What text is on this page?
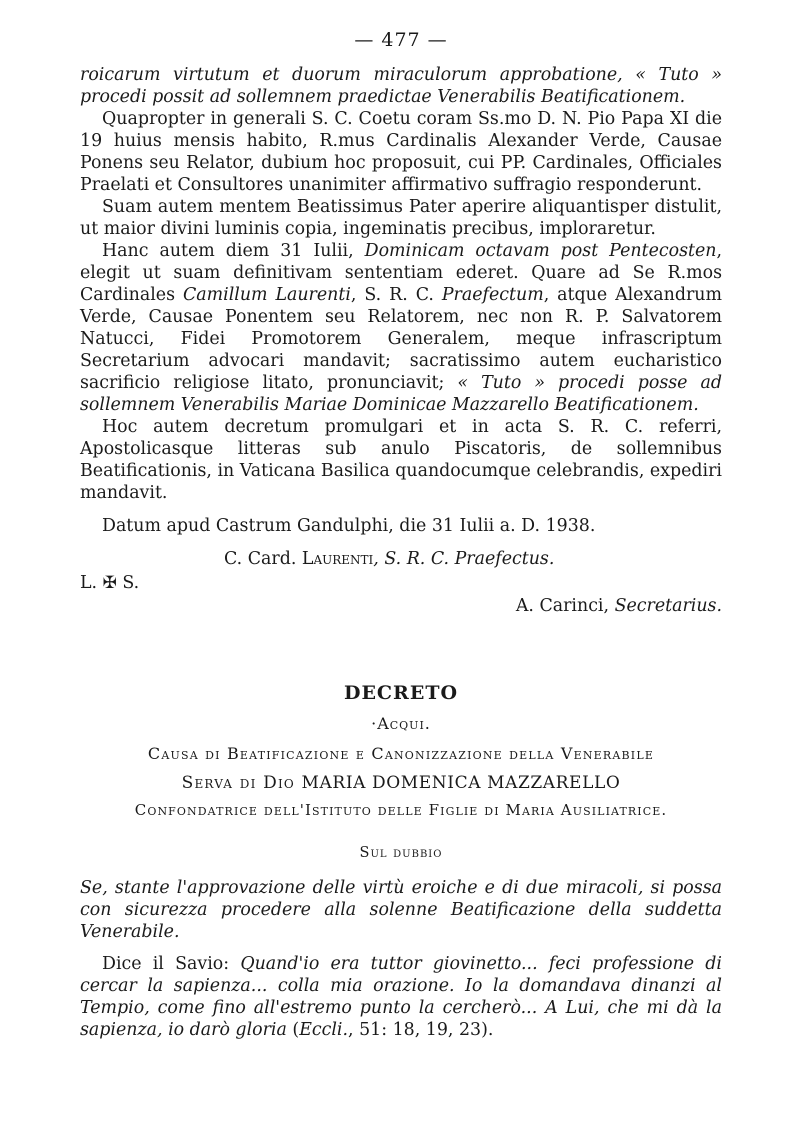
— 477 —

roicarum virtutum et duorum miraculorum approbatione, « Tuto » procedi possit ad sollemnem praedictae Venerabilis Beatificationem.

Quapropter in generali S. C. Coetu coram Ss.mo D. N. Pio Papa XI die 19 huius mensis habito, R.mus Cardinalis Alexander Verde, Causae Ponens seu Relator, dubium hoc proposuit, cui PP. Cardinales, Officiales Praelati et Consultores unanimiter affirmativo suffragio responderunt.

Suam autem mentem Beatissimus Pater aperire aliquantisper distulit, ut maior divini luminis copia, ingeminatis precibus, imploraretur.

Hanc autem diem 31 Iulii, Dominicam octavam post Pentecosten, elegit ut suam definitivam sententiam ederet. Quare ad Se R.mos Cardinales Camillum Laurenti, S. R. C. Praefectum, atque Alexandrum Verde, Causae Ponentem seu Relatorem, nec non R. P. Salvatorem Natucci, Fidei Promotorem Generalem, meque infrascriptum Secretarium advocari mandavit; sacratissimo autem eucharistico sacrificio religiose litato, pronunciavit; « Tuto » procedi posse ad sollemnem Venerabilis Mariae Dominicae Mazzarello Beatificationem.

Hoc autem decretum promulgari et in acta S. R. C. referri, Apostolicasque litteras sub anulo Piscatoris, de sollemnibus Beatificationis, in Vaticana Basilica quandocumque celebrandis, expediri mandavit.

Datum apud Castrum Gandulphi, die 31 Iulii a. D. 1938.
C. Card. Laurenti, S. R. C. Praefectus.
L. ✠ S.
A. Carinci, Secretarius.
DECRETO
·Acqui.
Causa di Beatificazione e Canonizzazione della Venerabile
Serva di Dio MARIA DOMENICA MAZZARELLO
Confondatrice dell'Istituto delle Figlie di Maria Ausiliatrice.
Sul dubbio

Se, stante l'approvazione delle virtù eroiche e di due miracoli, si possa con sicurezza procedere alla solenne Beatificazione della suddetta Venerabile.

Dice il Savio: Quand'io era tuttor giovinetto... feci professione di cercar la sapienza... colla mia orazione. Io la domandava dinanzi al Tempio, come fino all'estremo punto la cercherò... A Lui, che mi dà la sapienza, io darò gloria (Eccli., 51: 18, 19, 23).
